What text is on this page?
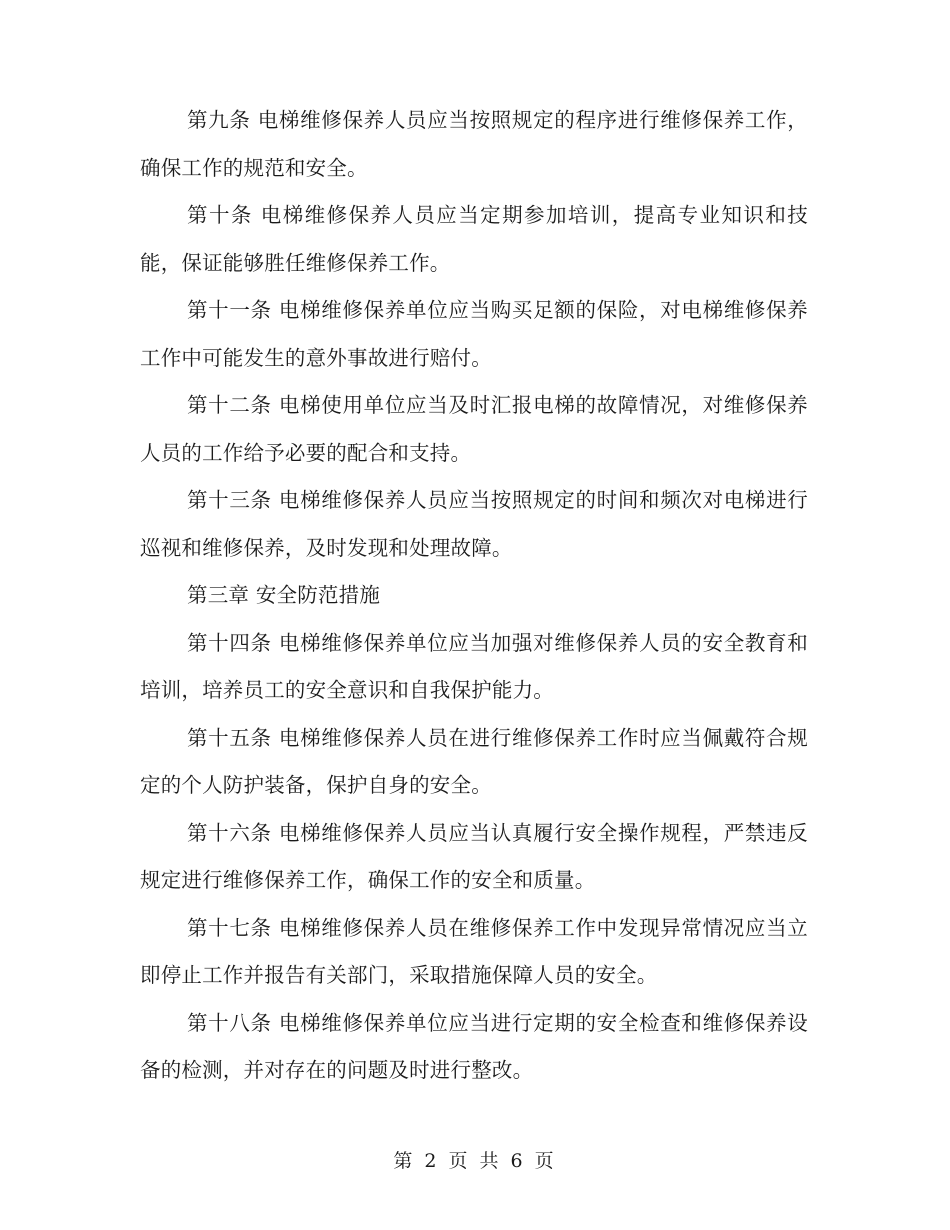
第九条 电梯维修保养人员应当按照规定的程序进行维修保养工作，确保工作的规范和安全。

第十条 电梯维修保养人员应当定期参加培训，提高专业知识和技能，保证能够胜任维修保养工作。

第十一条 电梯维修保养单位应当购买足额的保险，对电梯维修保养工作中可能发生的意外事故进行赔付。

第十二条 电梯使用单位应当及时汇报电梯的故障情况，对维修保养人员的工作给予必要的配合和支持。

第十三条 电梯维修保养人员应当按照规定的时间和频次对电梯进行巡视和维修保养，及时发现和处理故障。

第三章 安全防范措施

第十四条 电梯维修保养单位应当加强对维修保养人员的安全教育和培训，培养员工的安全意识和自我保护能力。

第十五条 电梯维修保养人员在进行维修保养工作时应当佩戴符合规定的个人防护装备，保护自身的安全。

第十六条 电梯维修保养人员应当认真履行安全操作规程，严禁违反规定进行维修保养工作，确保工作的安全和质量。

第十七条 电梯维修保养人员在维修保养工作中发现异常情况应当立即停止工作并报告有关部门，采取措施保障人员的安全。

第十八条 电梯维修保养单位应当进行定期的安全检查和维修保养设备的检测，并对存在的问题及时进行整改。

第 2 页 共 6 页
